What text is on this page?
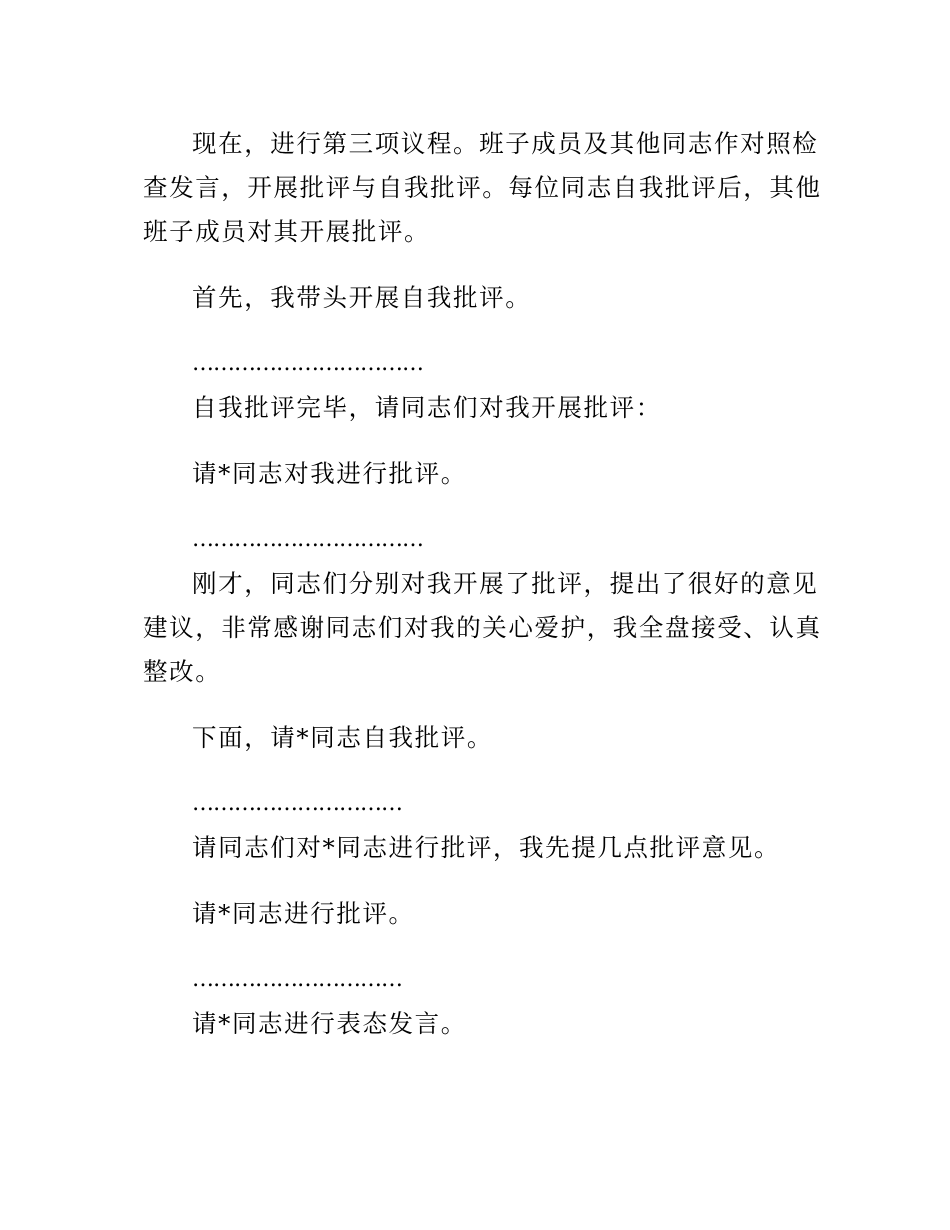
现在，进行第三项议程。班子成员及其他同志作对照检查发言，开展批评与自我批评。每位同志自我批评后，其他班子成员对其开展批评。

首先，我带头开展自我批评。

……………………………

自我批评完毕，请同志们对我开展批评：

请*同志对我进行批评。

……………………………

刚才，同志们分别对我开展了批评，提出了很好的意见建议，非常感谢同志们对我的关心爱护，我全盘接受、认真整改。

下面，请*同志自我批评。

…………………………

请同志们对*同志进行批评，我先提几点批评意见。

请*同志进行批评。

…………………………

请*同志进行表态发言。
